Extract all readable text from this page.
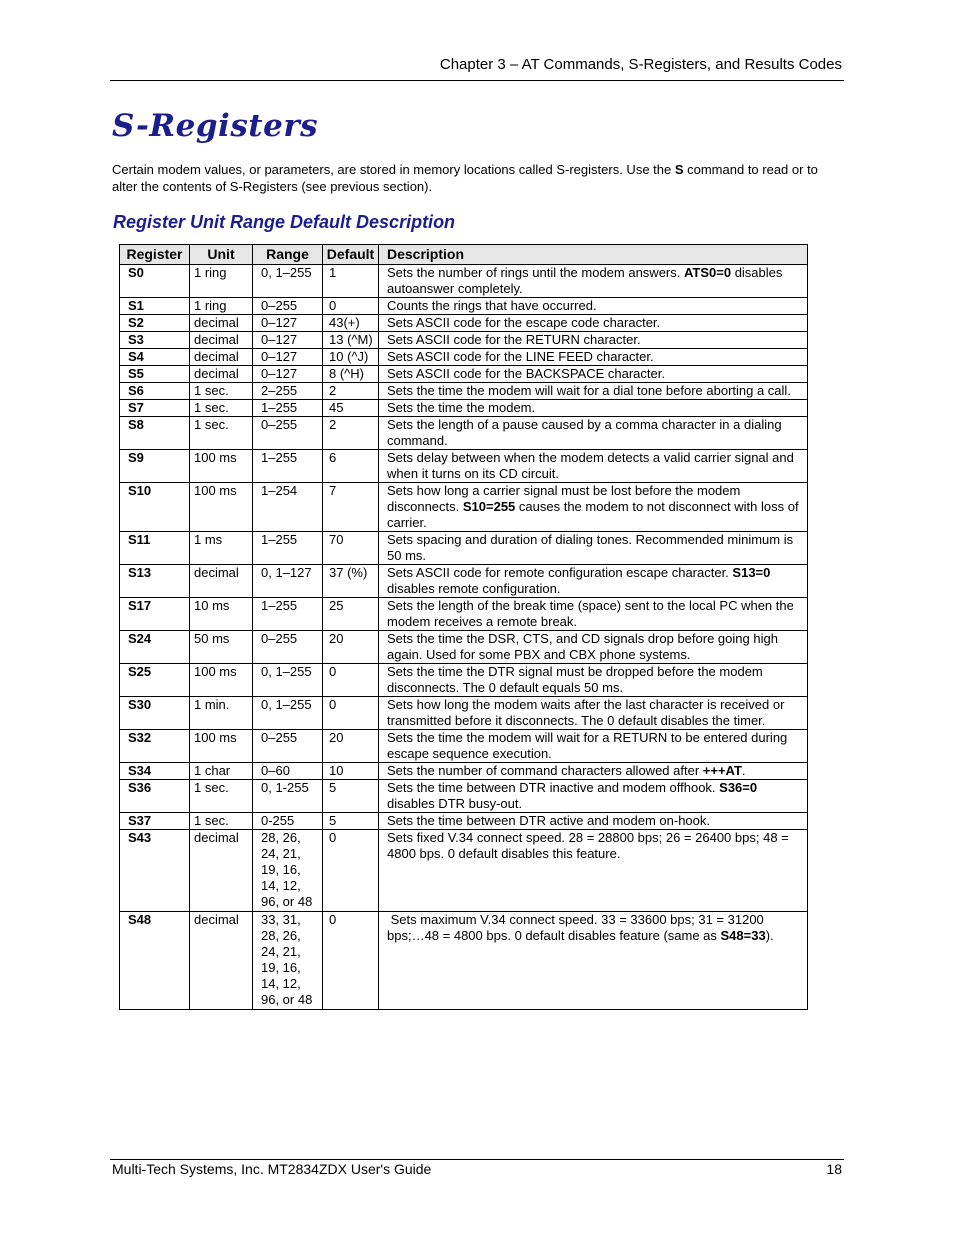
Chapter 3 – AT Commands, S-Registers, and Results Codes
S-Registers
Certain modem values, or parameters, are stored in memory locations called S-registers. Use the S command to read or to alter the contents of S-Registers (see previous section).
Register Unit Range Default Description
Register	Unit	Range	Default	Description
S0	1 ring	0, 1–255	1	Sets the number of rings until the modem answers. ATS0=0 disables autoanswer completely.
S1	1 ring	0–255	0	Counts the rings that have occurred.
S2	decimal	0–127	43(+)	Sets ASCII code for the escape code character.
S3	decimal	0–127	13 (^M)	Sets ASCII code for the RETURN character.
S4	decimal	0–127	10 (^J)	Sets ASCII code for the LINE FEED character.
S5	decimal	0–127	8 (^H)	Sets ASCII code for the BACKSPACE character.
S6	1 sec.	2–255	2	Sets the time the modem will wait for a dial tone before aborting a call.
S7	1 sec.	1–255	45	Sets the time the modem.
S8	1 sec.	0–255	2	Sets the length of a pause caused by a comma character in a dialing command.
S9	100 ms	1–255	6	Sets delay between when the modem detects a valid carrier signal and when it turns on its CD circuit.
S10	100 ms	1–254	7	Sets how long a carrier signal must be lost before the modem disconnects. S10=255 causes the modem to not disconnect with loss of carrier.
S11	1 ms	1–255	70	Sets spacing and duration of dialing tones. Recommended minimum is 50 ms.
S13	decimal	0, 1–127	37 (%)	Sets ASCII code for remote configuration escape character. S13=0 disables remote configuration.
S17	10 ms	1–255	25	Sets the length of the break time (space) sent to the local PC when the modem receives a remote break.
S24	50 ms	0–255	20	Sets the time the DSR, CTS, and CD signals drop before going high again. Used for some PBX and CBX phone systems.
S25	100 ms	0, 1–255	0	Sets the time the DTR signal must be dropped before the modem disconnects. The 0 default equals 50 ms.
S30	1 min.	0, 1–255	0	Sets how long the modem waits after the last character is received or transmitted before it disconnects. The 0 default disables the timer.
S32	100 ms	0–255	20	Sets the time the modem will wait for a RETURN to be entered during escape sequence execution.
S34	1 char	0–60	10	Sets the number of command characters allowed after +++AT.
S36	1 sec.	0, 1-255	5	Sets the time between DTR inactive and modem offhook. S36=0 disables DTR busy-out.
S37	1 sec.	0-255	5	Sets the time between DTR active and modem on-hook.
S43	decimal	28, 26, 24, 21, 19, 16, 14, 12, 96, or 48	0	Sets fixed V.34 connect speed. 28 = 28800 bps; 26 = 26400 bps; 48 = 4800 bps. 0 default disables this feature.
S48	decimal	33, 31, 28, 26, 24, 21, 19, 16, 14, 12, 96, or 48	0	Sets maximum V.34 connect speed. 33 = 33600 bps; 31 = 31200 bps;…48 = 4800 bps. 0 default disables feature (same as S48=33).
Multi-Tech Systems, Inc. MT2834ZDX User's Guide	18
